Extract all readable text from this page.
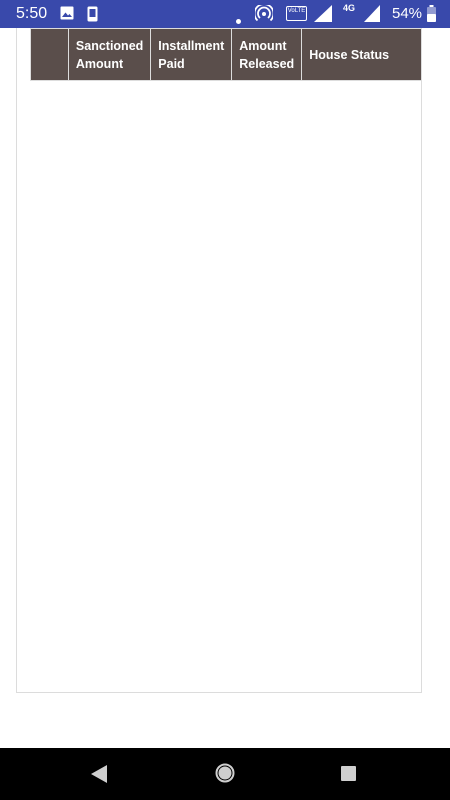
5:50	VoLTE	4G 54%

	Sanctioned Amount	Installment Paid	Amount Released	House Status
